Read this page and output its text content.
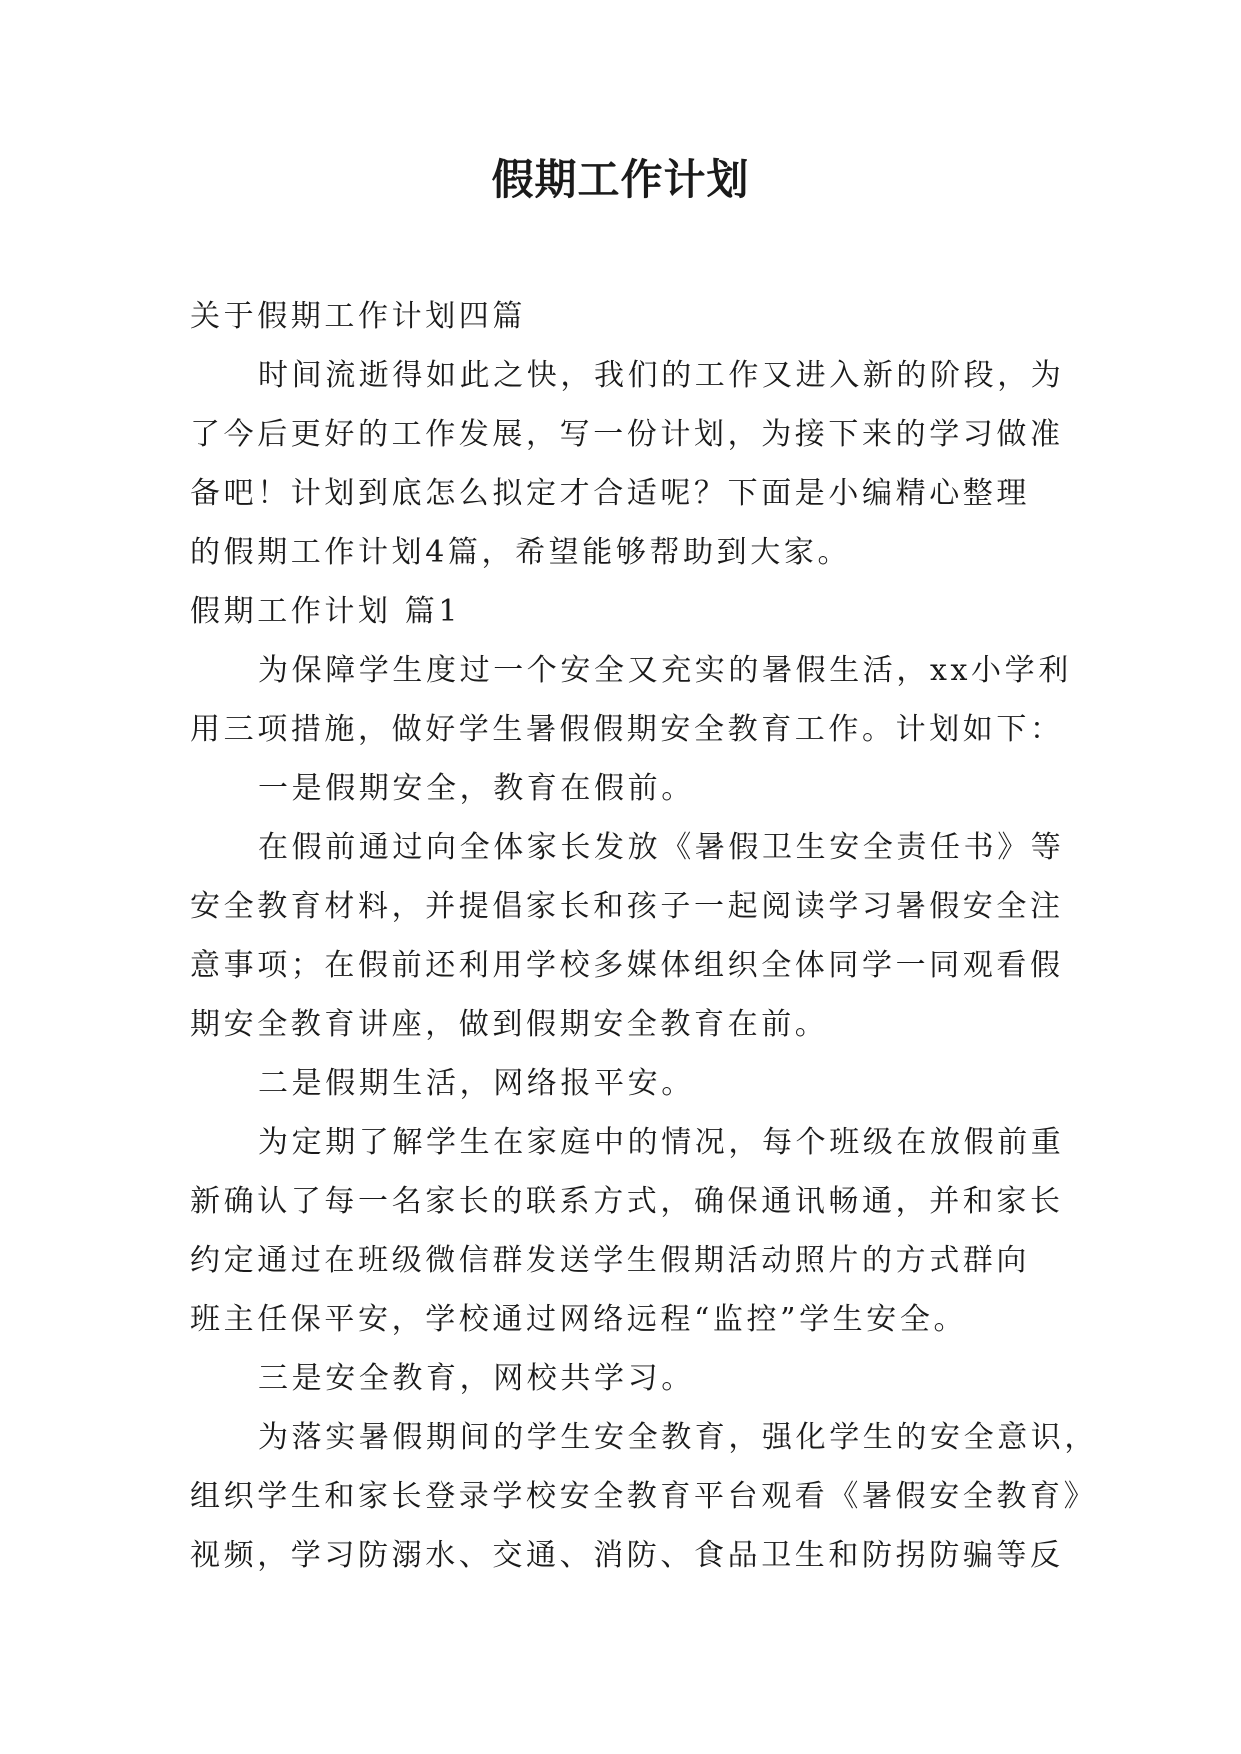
假期工作计划
关于假期工作计划四篇
时间流逝得如此之快，我们的工作又进入新的阶段，为
了今后更好的工作发展，写一份计划，为接下来的学习做准
备吧！计划到底怎么拟定才合适呢？下面是小编精心整理
的假期工作计划4篇，希望能够帮助到大家。
假期工作计划 篇1
为保障学生度过一个安全又充实的暑假生活，xx小学利
用三项措施，做好学生暑假假期安全教育工作。计划如下：
一是假期安全，教育在假前。
在假前通过向全体家长发放《暑假卫生安全责任书》等
安全教育材料，并提倡家长和孩子一起阅读学习暑假安全注
意事项；在假前还利用学校多媒体组织全体同学一同观看假
期安全教育讲座，做到假期安全教育在前。
二是假期生活，网络报平安。
为定期了解学生在家庭中的情况，每个班级在放假前重
新确认了每一名家长的联系方式，确保通讯畅通，并和家长
约定通过在班级微信群发送学生假期活动照片的方式群向
班主任保平安，学校通过网络远程“监控”学生安全。
三是安全教育，网校共学习。
为落实暑假期间的学生安全教育，强化学生的安全意识，
组织学生和家长登录学校安全教育平台观看《暑假安全教育》
视频，学习防溺水、交通、消防、食品卫生和防拐防骗等反
